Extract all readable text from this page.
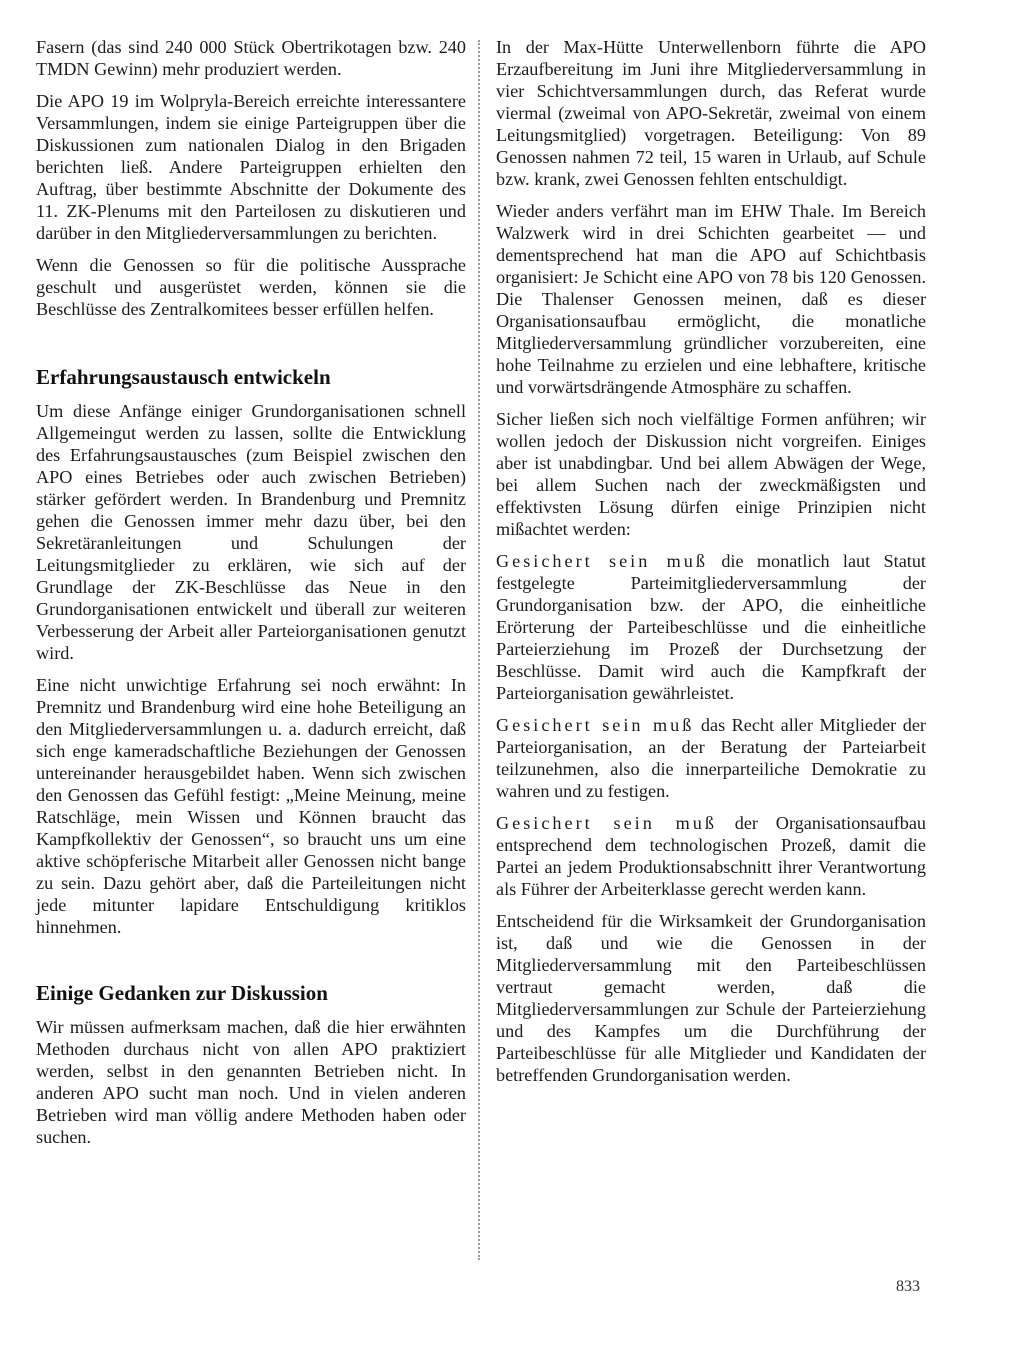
Fasern (das sind 240 000 Stück Obertrikotagen bzw. 240 TMDN Gewinn) mehr produziert werden.

Die APO 19 im Wolpryla-Bereich erreichte interessantere Versammlungen, indem sie einige Parteigruppen über die Diskussionen zum nationalen Dialog in den Brigaden berichten ließ. Andere Parteigruppen erhielten den Auftrag, über bestimmte Abschnitte der Dokumente des 11. ZK-Plenums mit den Parteilosen zu diskutieren und darüber in den Mitgliederversammlungen zu berichten.

Wenn die Genossen so für die politische Aussprache geschult und ausgerüstet werden, können sie die Beschlüsse des Zentralkomitees besser erfüllen helfen.

Erfahrungsaustausch entwickeln

Um diese Anfänge einiger Grundorganisationen schnell Allgemeingut werden zu lassen, sollte die Entwicklung des Erfahrungsaustausches (zum Beispiel zwischen den APO eines Betriebes oder auch zwischen Betrieben) stärker gefördert werden. In Brandenburg und Premnitz gehen die Genossen immer mehr dazu über, bei den Sekretäranleitungen und Schulungen der Leitungsmitglieder zu erklären, wie sich auf der Grundlage der ZK-Beschlüsse das Neue in den Grundorganisationen entwickelt und überall zur weiteren Verbesserung der Arbeit aller Parteiorganisationen genutzt wird.

Eine nicht unwichtige Erfahrung sei noch erwähnt: In Premnitz und Brandenburg wird eine hohe Beteiligung an den Mitgliederversammlungen u. a. dadurch erreicht, daß sich enge kameradschaftliche Beziehungen der Genossen untereinander herausgebildet haben. Wenn sich zwischen den Genossen das Gefühl festigt: „Meine Meinung, meine Ratschläge, mein Wissen und Können braucht das Kampfkollektiv der Genossen“, so braucht uns um eine aktive schöpferische Mitarbeit aller Genossen nicht bange zu sein. Dazu gehört aber, daß die Parteileitungen nicht jede mitunter lapidare Entschuldigung kritiklos hinnehmen.

Einige Gedanken zur Diskussion

Wir müssen aufmerksam machen, daß die hier erwähnten Methoden durchaus nicht von allen APO praktiziert werden, selbst in den genannten Betrieben nicht. In anderen APO sucht man noch. Und in vielen anderen Betrieben wird man völlig andere Methoden haben oder suchen.

In der Max-Hütte Unterwellenborn führte die APO Erzaufbereitung im Juni ihre Mitgliederversammlung in vier Schichtversammlungen durch, das Referat wurde viermal (zweimal von APO-Sekretär, zweimal von einem Leitungsmitglied) vorgetragen. Beteiligung: Von 89 Genossen nahmen 72 teil, 15 waren in Urlaub, auf Schule bzw. krank, zwei Genossen fehlten entschuldigt.

Wieder anders verfährt man im EHW Thale. Im Bereich Walzwerk wird in drei Schichten gearbeitet — und dementsprechend hat man die APO auf Schichtbasis organisiert: Je Schicht eine APO von 78 bis 120 Genossen. Die Thalenser Genossen meinen, daß es dieser Organisationsaufbau ermöglicht, die monatliche Mitgliederversammlung gründlicher vorzubereiten, eine hohe Teilnahme zu erzielen und eine lebhaftere, kritische und vorwärtsdrängende Atmosphäre zu schaffen.

Sicher ließen sich noch vielfältige Formen anführen; wir wollen jedoch der Diskussion nicht vorgreifen. Einiges aber ist unabdingbar. Und bei allem Abwägen der Wege, bei allem Suchen nach der zweckmäßigsten und effektivsten Lösung dürfen einige Prinzipien nicht mißachtet werden:

Gesichert sein muß die monatlich laut Statut festgelegte Parteimitgliederversammlung der Grundorganisation bzw. der APO, die einheitliche Erörterung der Parteibeschlüsse und die einheitliche Parteierziehung im Prozeß der Durchsetzung der Beschlüsse. Damit wird auch die Kampfkraft der Parteiorganisation gewährleistet.

Gesichert sein muß das Recht aller Mitglieder der Parteiorganisation, an der Beratung der Parteiarbeit teilzunehmen, also die innerparteiliche Demokratie zu wahren und zu festigen.

Gesichert sein muß der Organisationsaufbau entsprechend dem technologischen Prozeß, damit die Partei an jedem Produktionsabschnitt ihrer Verantwortung als Führer der Arbeiterklasse gerecht werden kann.

Entscheidend für die Wirksamkeit der Grundorganisation ist, daß und wie die Genossen in der Mitgliederversammlung mit den Parteibeschlüssen vertraut gemacht werden, daß die Mitgliederversammlungen zur Schule der Parteierziehung und des Kampfes um die Durchführung der Parteibeschlüsse für alle Mitglieder und Kandidaten der betreffenden Grundorganisation werden.

833
